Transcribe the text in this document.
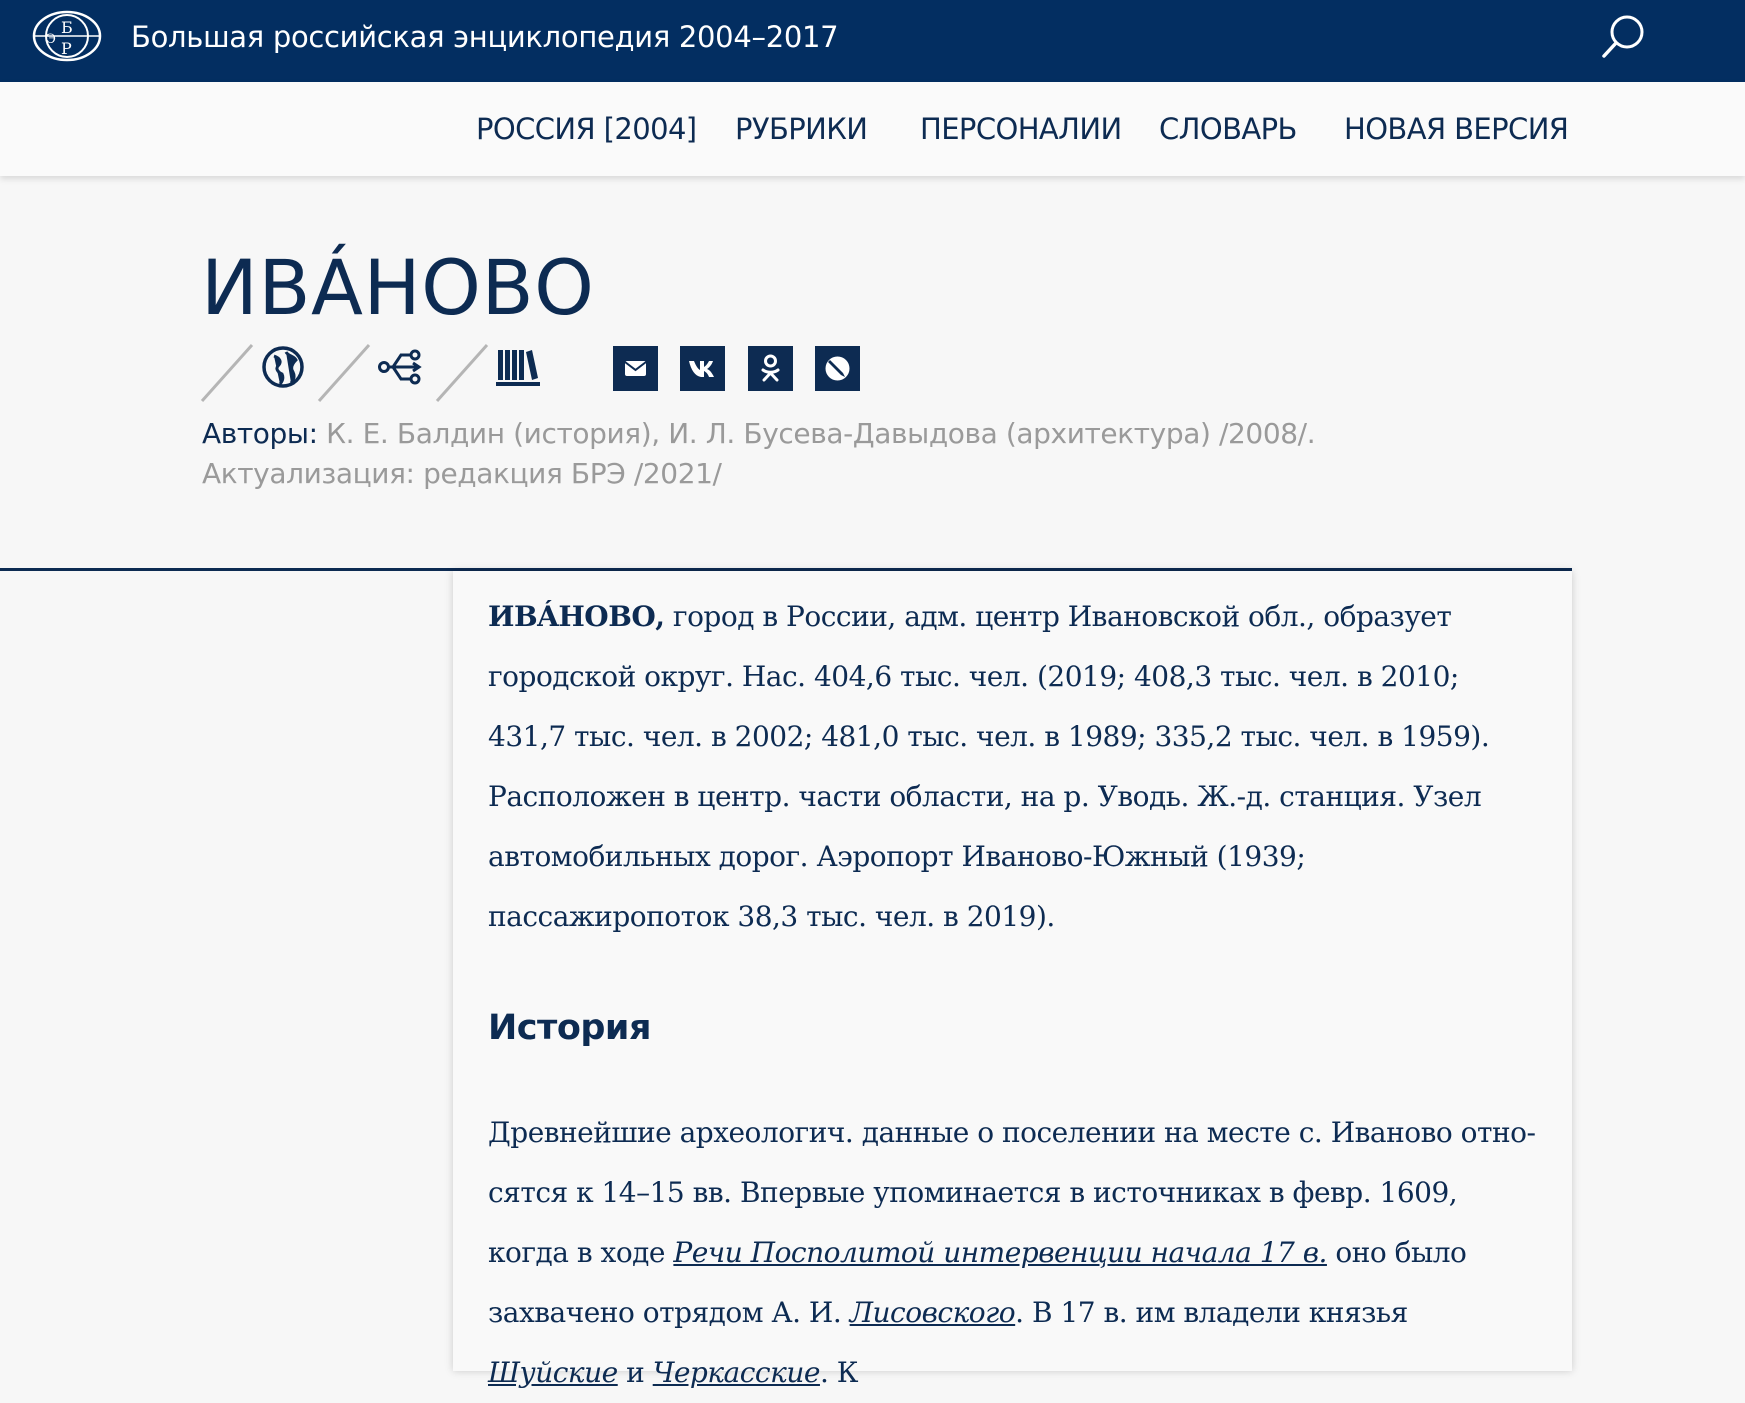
Б
Р
Э	Большая российская энциклопедия 2004–2017
РОССИЯ [2004] РУБРИКИ ПЕРСОНАЛИИ СЛОВАРЬ НОВАЯ ВЕРСИЯ
ИВÁНОВО
Авторы: К. Е. Балдин (история), И. Л. Бусева-Давыдова (архитектура) /2008/. Актуализация: редакция БРЭ /2021/

ИВÁНОВО, город в России, адм. центр Ивановской обл., образует городской округ. Нас. 404,6 тыс. чел. (2019; 408,3 тыс. чел. в 2010; 431,7 тыс. чел. в 2002; 481,0 тыс. чел. в 1989; 335,2 тыс. чел. в 1959). Расположен в центр. части области, на р. Уводь. Ж.-д. станция. Узел автомобильных дорог. Аэропорт Иваново-Южный (1939; пассажиропоток 38,3 тыс. чел. в 2019).

История

Древнейшие археологич. данные о поселении на месте с. Иваново относятся к 14–15 вв. Впервые упоминается в источниках в февр. 1609, когда в ходе Речи Посполитой интервенции начала 17 в. оно было захвачено отрядом А. И. Лисовского. В 17 в. им владели князья Шуйские и Черкасские. К
